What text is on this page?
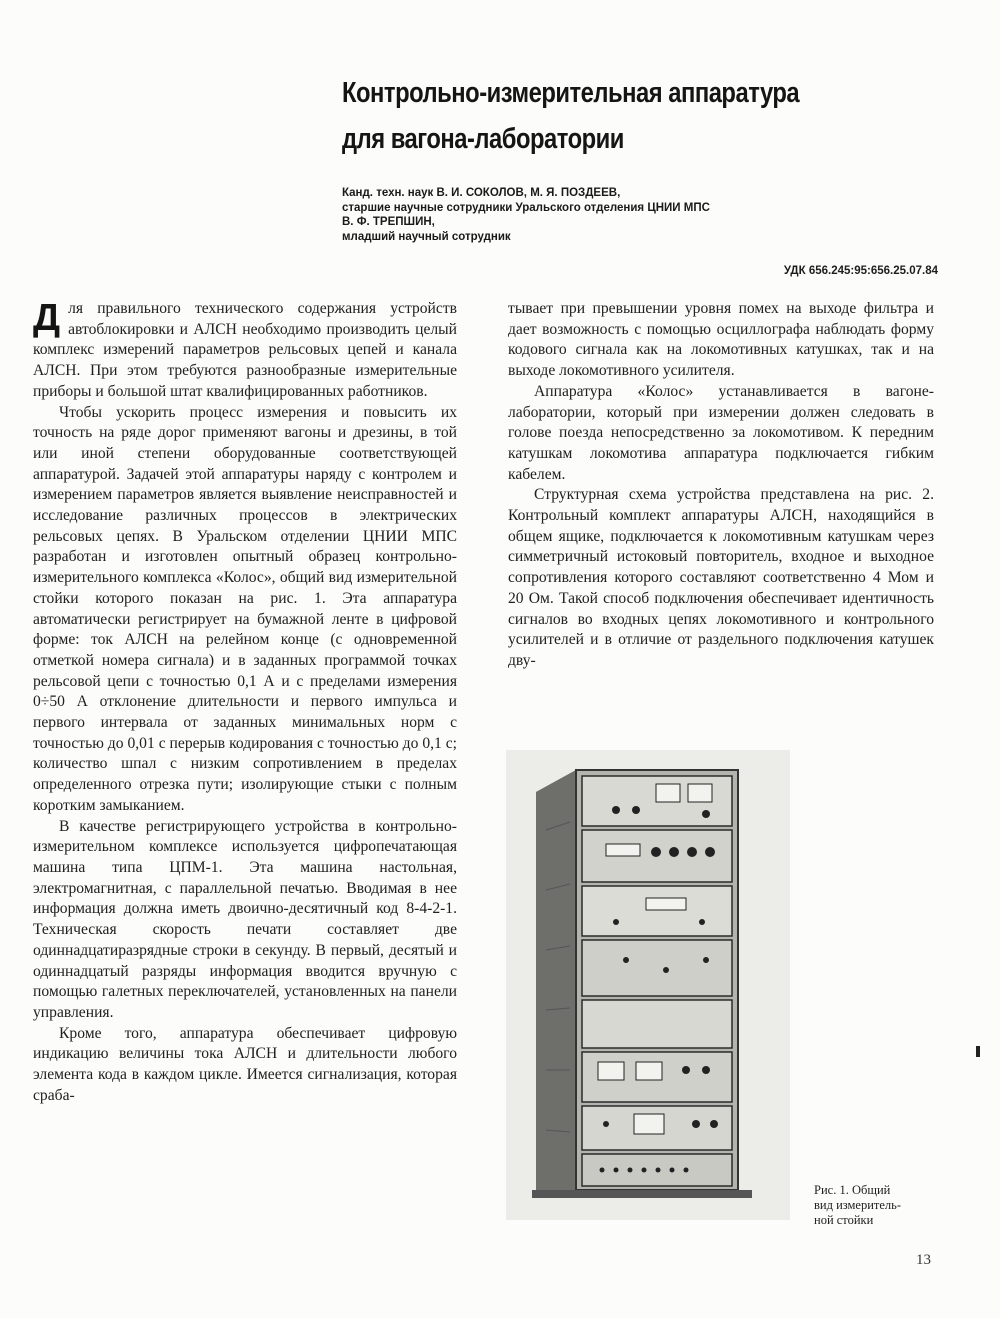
Контрольно-измерительная аппаратура
для вагона-лаборатории
Канд. техн. наук В. И. СОКОЛОВ, М. Я. ПОЗДЕЕВ,
старшие научные сотрудники Уральского отделения ЦНИИ МПС
В. Ф. ТРЕПШИН,
младший научный сотрудник
УДК 656.245:95:656.25.07.84

Для правильного технического содержания устройств автоблокировки и АЛСН необходимо производить целый комплекс измерений параметров рельсовых цепей и канала АЛСН. При этом требуются разнообразные измерительные приборы и большой штат квалифицированных работников.

Чтобы ускорить процесс измерения и повысить их точность на ряде дорог применяют вагоны и дрезины, в той или иной степени оборудованные соответствующей аппаратурой. Задачей этой аппаратуры наряду с контролем и измерением параметров является выявление неисправностей и исследование различных процессов в электрических рельсовых цепях. В Уральском отделении ЦНИИ МПС разработан и изготовлен опытный образец контрольно-измерительного комплекса «Колос», общий вид измерительной стойки которого показан на рис. 1. Эта аппаратура автоматически регистрирует на бумажной ленте в цифровой форме: ток АЛСН на релейном конце (с одновременной отметкой номера сигнала) и в заданных программой точках рельсовой цепи с точностью 0,1 А и с пределами измерения 0÷50 А отклонение длительности и первого импульса и первого интервала от заданных минимальных норм с точностью до 0,01 с перерыв кодирования с точностью до 0,1 с; количество шпал с низким сопротивлением в пределах определенного отрезка пути; изолирующие стыки с полным коротким замыканием.

В качестве регистрирующего устройства в контрольно-измерительном комплексе используется цифропечатающая машина типа ЦПМ-1. Эта машина настольная, электромагнитная, с параллельной печатью. Вводимая в нее информация должна иметь двоично-десятичный код 8-4-2-1. Техническая скорость печати составляет две одиннадцатиразрядные строки в секунду. В первый, десятый и одиннадцатый разряды информация вводится вручную с помощью галетных переключателей, установленных на панели управления.

Кроме того, аппаратура обеспечивает цифровую индикацию величины тока АЛСН и длительности любого элемента кода в каждом цикле. Имеется сигнализация, которая сраба-

тывает при превышении уровня помех на выходе фильтра и дает возможность с помощью осциллографа наблюдать форму кодового сигнала как на локомотивных катушках, так и на выходе локомотивного усилителя.

Аппаратура «Колос» устанавливается в вагоне-лаборатории, который при измерении должен следовать в голове поезда непосредственно за локомотивом. К передним катушкам локомотива аппаратура подключается гибким кабелем.

Структурная схема устройства представлена на рис. 2. Контрольный комплект аппаратуры АЛСН, находящийся в общем ящике, подключается к локомотивным катушкам через симметричный истоковый повторитель, входное и выходное сопротивления которого составляют соответственно 4 Мом и 20 Ом. Такой способ подключения обеспечивает идентичность сигналов во входных цепях локомотивного и контрольного усилителей и в отличие от раздельного подключения катушек дву-

Рис. 1. Общий
вид измеритель-
ной стойки
13
